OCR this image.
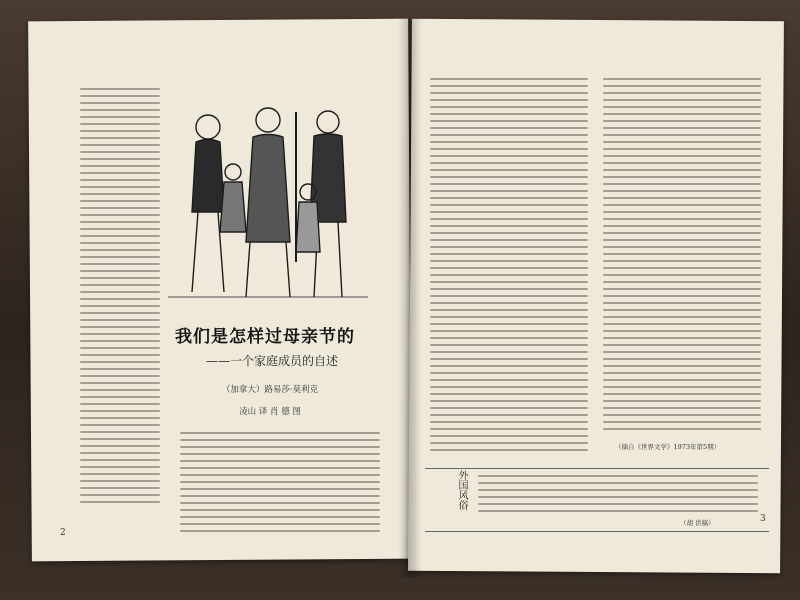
我们是怎样过母亲节的
——一个家庭成员的自述
（加拿大）路易莎·莫利克
凌山 译 肖 德 图
2
（摘自《世界文学》1973年第5期）
外国风俗
（胡 供稿）	3
